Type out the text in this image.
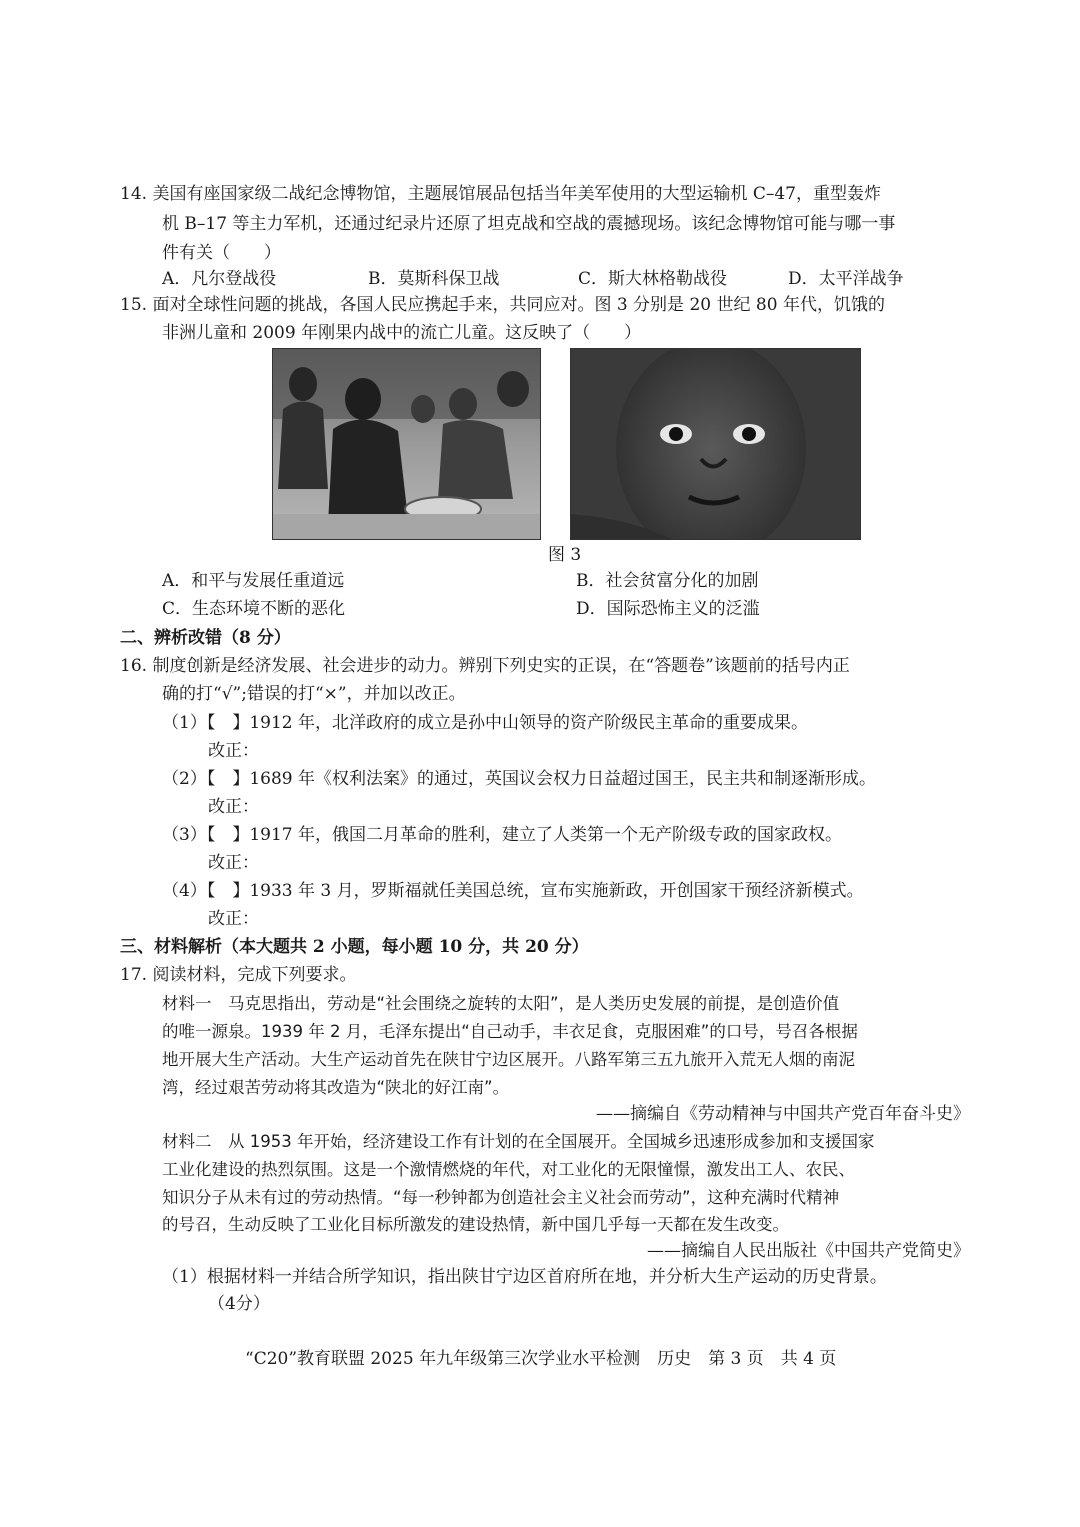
14. 美国有座国家级二战纪念博物馆，主题展馆展品包括当年美军使用的大型运输机 C–47，重型轰炸
机 B–17 等主力军机，还通过纪录片还原了坦克战和空战的震撼现场。该纪念博物馆可能与哪一事
件有关（　　）
A．凡尔登战役	B．莫斯科保卫战	C．斯大林格勒战役	D．太平洋战争
15. 面对全球性问题的挑战，各国人民应携起手来，共同应对。图 3 分别是 20 世纪 80 年代，饥饿的
非洲儿童和 2009 年刚果内战中的流亡儿童。这反映了（　　）
图 3
A．和平与发展任重道远	B．社会贫富分化的加剧
C．生态环境不断的恶化	D．国际恐怖主义的泛滥
二、辨析改错（8 分）
16. 制度创新是经济发展、社会进步的动力。辨别下列史实的正误，在“答题卷”该题前的括号内正
确的打“√”;错误的打“×”，并加以改正。
（1）【　】1912 年，北洋政府的成立是孙中山领导的资产阶级民主革命的重要成果。
改正：
（2）【　】1689 年《权利法案》的通过，英国议会权力日益超过国王，民主共和制逐渐形成。
改正：
（3）【　】1917 年，俄国二月革命的胜利，建立了人类第一个无产阶级专政的国家政权。
改正：
（4）【　】1933 年 3 月，罗斯福就任美国总统，宣布实施新政，开创国家干预经济新模式。
改正：
三、材料解析（本大题共 2 小题，每小题 10 分，共 20 分）
17. 阅读材料，完成下列要求。
材料一　马克思指出，劳动是“社会围绕之旋转的太阳”，是人类历史发展的前提，是创造价值
的唯一源泉。1939 年 2 月，毛泽东提出“自己动手，丰衣足食，克服困难”的口号，号召各根据
地开展大生产活动。大生产运动首先在陕甘宁边区展开。八路军第三五九旅开入荒无人烟的南泥
湾，经过艰苦劳动将其改造为“陕北的好江南”。
——摘编自《劳动精神与中国共产党百年奋斗史》
材料二　从 1953 年开始，经济建设工作有计划的在全国展开。全国城乡迅速形成参加和支援国家
工业化建设的热烈氛围。这是一个激情燃烧的年代，对工业化的无限憧憬，激发出工人、农民、
知识分子从未有过的劳动热情。“每一秒钟都为创造社会主义社会而劳动”，这种充满时代精神
的号召，生动反映了工业化目标所激发的建设热情，新中国几乎每一天都在发生改变。
——摘编自人民出版社《中国共产党简史》
（1）根据材料一并结合所学知识，指出陕甘宁边区首府所在地，并分析大生产运动的历史背景。
（4分）
“C20”教育联盟 2025 年九年级第三次学业水平检测　历史　第 3 页　共 4 页
